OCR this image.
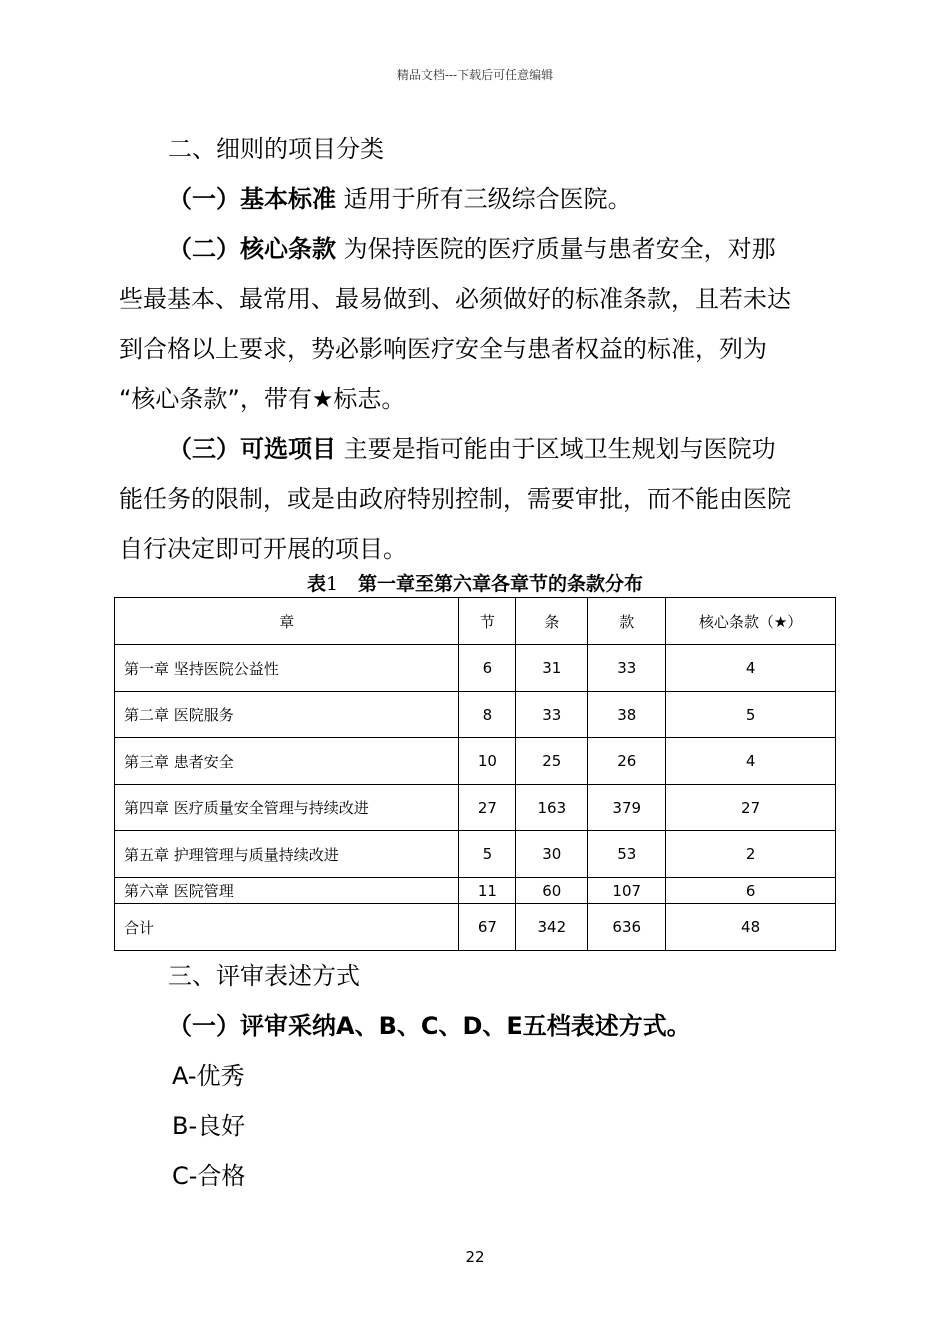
精品文档---下载后可任意编辑
二、细则的项目分类
（一）基本标准 适用于所有三级综合医院。
（二）核心条款 为保持医院的医疗质量与患者安全，对那
些最基本、最常用、最易做到、必须做好的标准条款，且若未达
到合格以上要求，势必影响医疗安全与患者权益的标准，列为
“核心条款”，带有★标志。
（三）可选项目 主要是指可能由于区域卫生规划与医院功
能任务的限制，或是由政府特别控制，需要审批，而不能由医院
自行决定即可开展的项目。
表1 第一章至第六章各章节的条款分布
章	节	条	款	核心条款（★）
第一章 坚持医院公益性	6	31	33	4
第二章 医院服务	8	33	38	5
第三章 患者安全	10	25	26	4
第四章 医疗质量安全管理与持续改进	27	163	379	27
第五章 护理管理与质量持续改进	5	30	53	2
第六章 医院管理	11	60	107	6
合计	67	342	636	48
三、评审表述方式
（一）评审采纳A、B、C、D、E五档表述方式。
A-优秀
B-良好
C-合格
22
